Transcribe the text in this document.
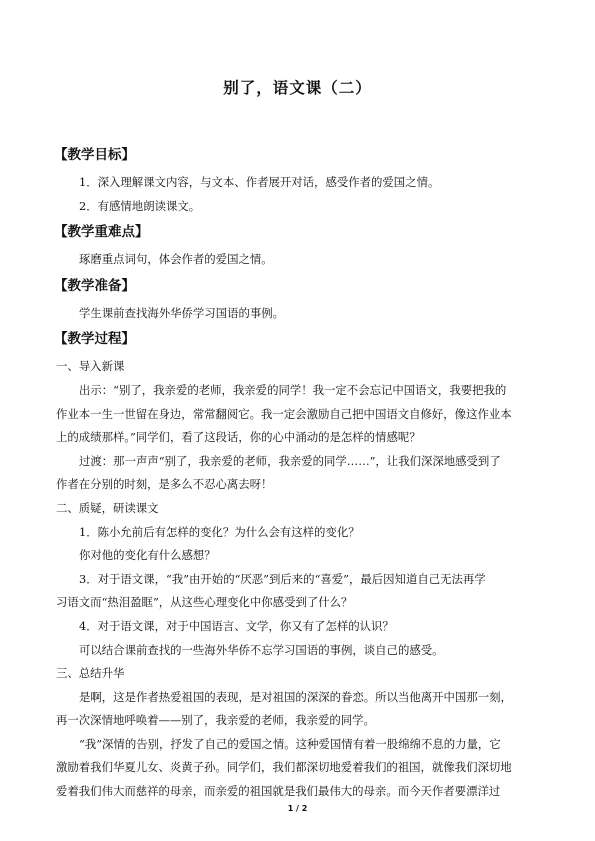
别了，语文课（二）
【教学目标】
1．深入理解课文内容，与文本、作者展开对话，感受作者的爱国之情。
2．有感情地朗读课文。
【教学重难点】
琢磨重点词句，体会作者的爱国之情。
【教学准备】
学生课前查找海外华侨学习国语的事例。
【教学过程】
一、导入新课
出示：“别了，我亲爱的老师，我亲爱的同学！我一定不会忘记中国语文，我要把我的
作业本一生一世留在身边，常常翻阅它。我一定会激励自己把中国语文自修好，像这作业本
上的成绩那样。”同学们，看了这段话，你的心中涌动的是怎样的情感呢？
过渡：那一声声“别了，我亲爱的老师，我亲爱的同学……”，让我们深深地感受到了
作者在分别的时刻，是多么不忍心离去呀！
二、质疑，研读课文
1．陈小允前后有怎样的变化？为什么会有这样的变化？
你对他的变化有什么感想？
3．对于语文课，“我”由开始的“厌恶”到后来的“喜爱”，最后因知道自己无法再学
习语文而“热泪盈眶”，从这些心理变化中你感受到了什么？
4．对于语文课，对于中国语言、文学，你又有了怎样的认识？
可以结合课前查找的一些海外华侨不忘学习国语的事例，谈自己的感受。
三、总结升华
是啊，这是作者热爱祖国的表现，是对祖国的深深的眷恋。所以当他离开中国那一刻，
再一次深情地呼唤着——别了，我亲爱的老师，我亲爱的同学。
“我”深情的告别，抒发了自己的爱国之情。这种爱国情有着一股绵绵不息的力量，它
激励着我们华夏儿女、炎黄子孙。同学们，我们都深切地爱着我们的祖国，就像我们深切地
爱着我们伟大而慈祥的母亲，而亲爱的祖国就是我们最伟大的母亲。而今天作者要漂洋过
1 / 2
